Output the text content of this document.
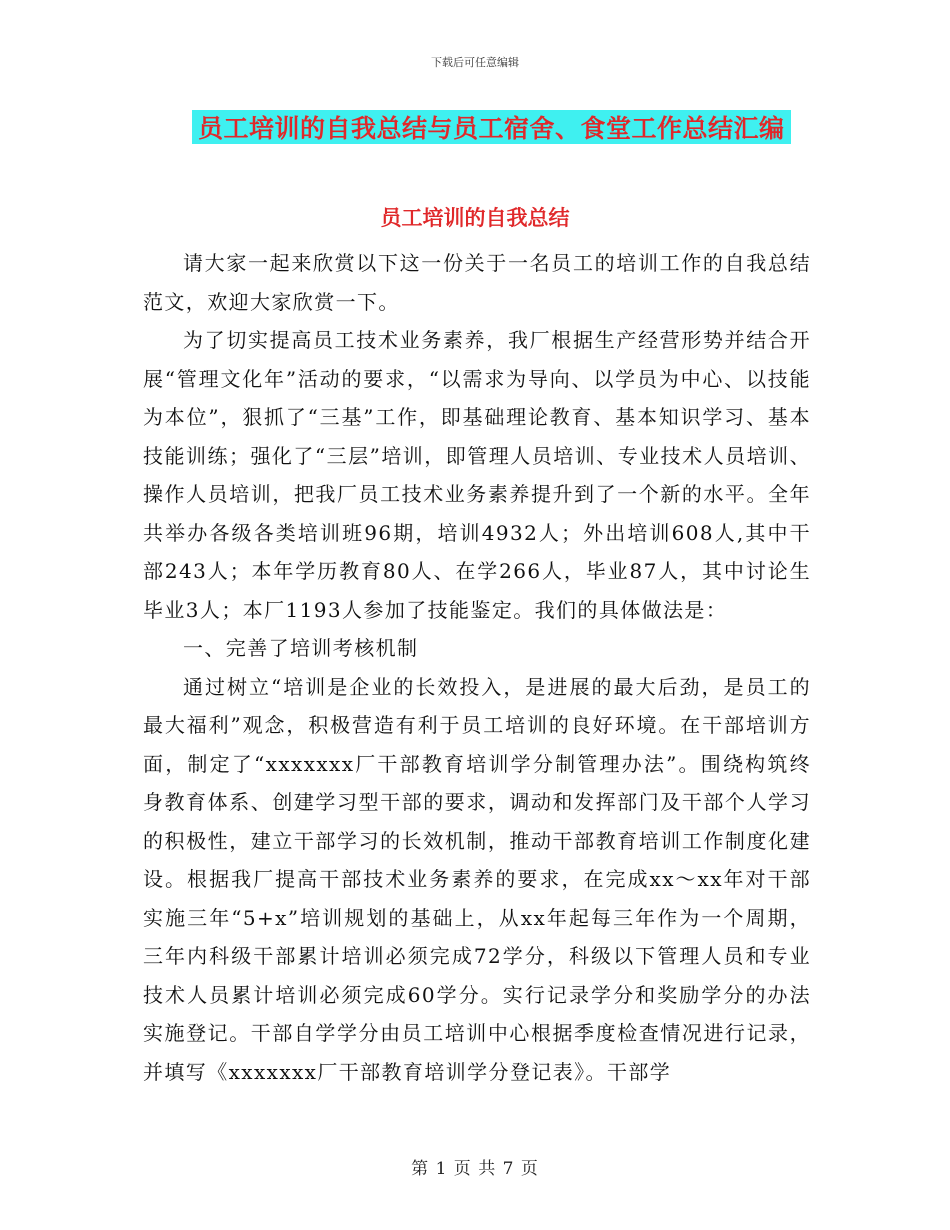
下载后可任意编辑
员工培训的自我总结与员工宿舍、食堂工作总结汇编
员工培训的自我总结

请大家一起来欣赏以下这一份关于一名员工的培训工作的自我总结范文，欢迎大家欣赏一下。

为了切实提高员工技术业务素养，我厂根据生产经营形势并结合开展“管理文化年”活动的要求，“以需求为导向、以学员为中心、以技能为本位”，狠抓了“三基”工作，即基础理论教育、基本知识学习、基本技能训练；强化了“三层”培训，即管理人员培训、专业技术人员培训、操作人员培训，把我厂员工技术业务素养提升到了一个新的水平。全年共举办各级各类培训班96期，培训4932人；外出培训608人,其中干部243人；本年学历教育80人、在学266人，毕业87人，其中讨论生毕业3人；本厂1193人参加了技能鉴定。我们的具体做法是：

一、完善了培训考核机制

通过树立“培训是企业的长效投入，是进展的最大后劲，是员工的最大福利”观念，积极营造有利于员工培训的良好环境。在干部培训方面，制定了“xxxxxxx厂干部教育培训学分制管理办法”。围绕构筑终身教育体系、创建学习型干部的要求，调动和发挥部门及干部个人学习的积极性，建立干部学习的长效机制，推动干部教育培训工作制度化建设。根据我厂提高干部技术业务素养的要求，在完成xx～xx年对干部实施三年“5+x”培训规划的基础上，从xx年起每三年作为一个周期，三年内科级干部累计培训必须完成72学分，科级以下管理人员和专业技术人员累计培训必须完成60学分。实行记录学分和奖励学分的办法实施登记。干部自学学分由员工培训中心根据季度检查情况进行记录，并填写《xxxxxxx厂干部教育培训学分登记表》。干部学

第 1 页 共 7 页
